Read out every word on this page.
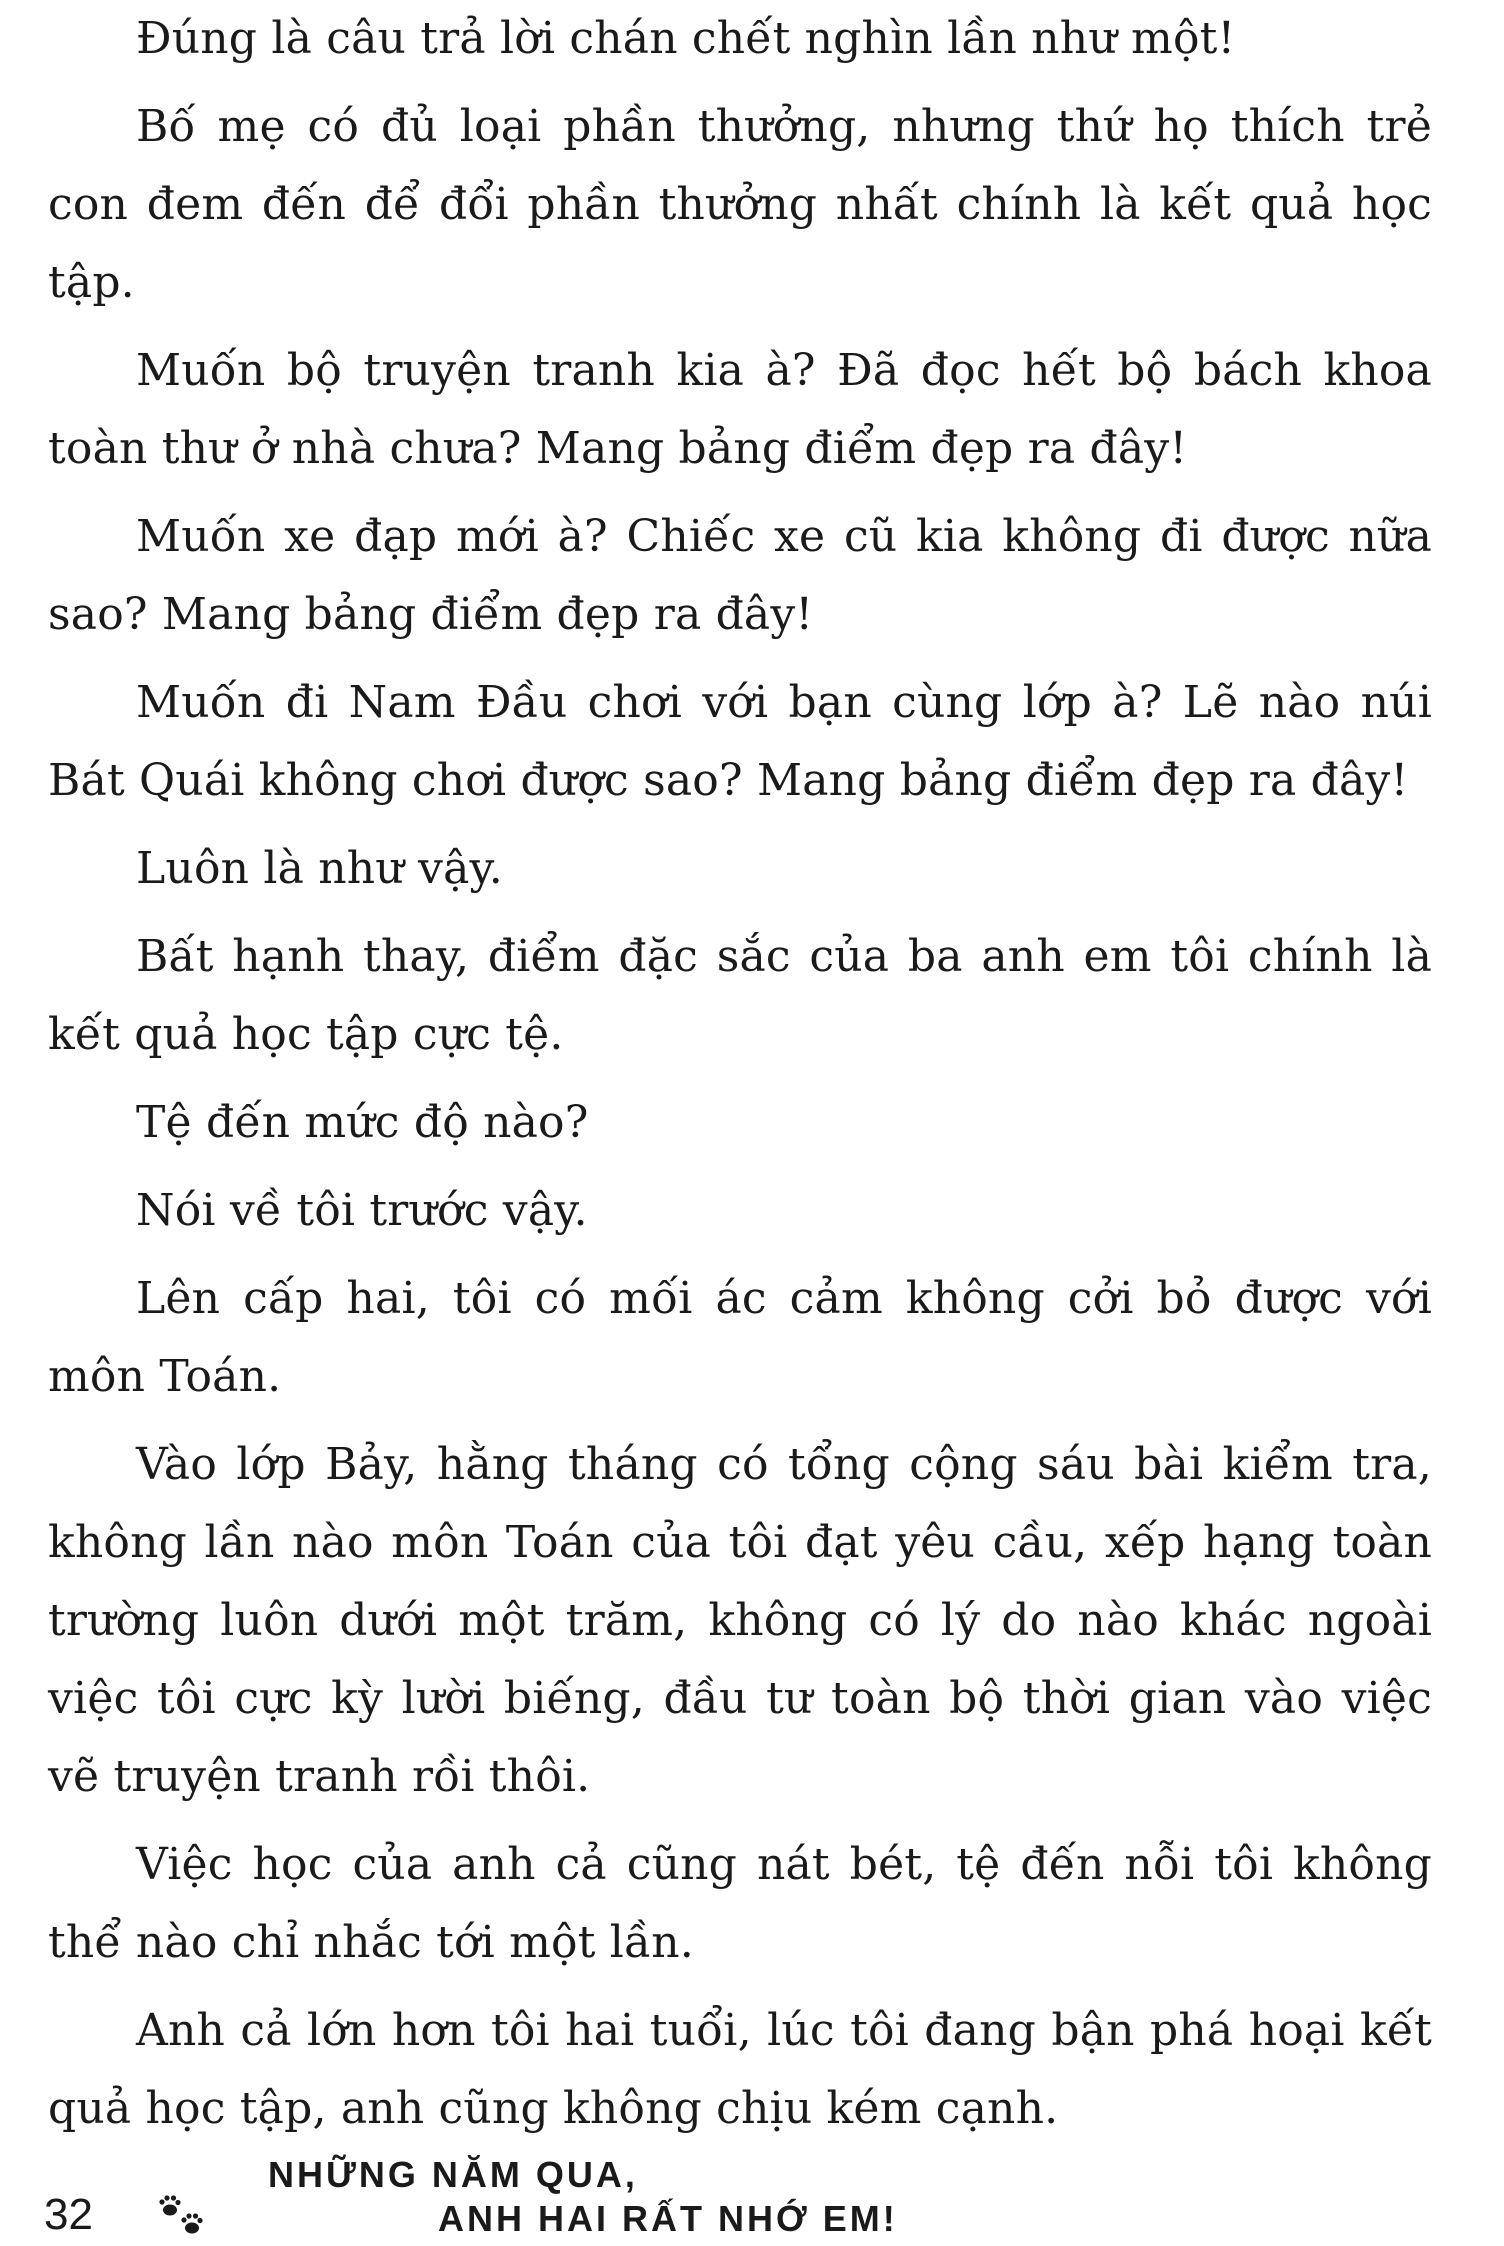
Đúng là câu trả lời chán chết nghìn lần như một!

Bố mẹ có đủ loại phần thưởng, nhưng thứ họ thích trẻ con đem đến để đổi phần thưởng nhất chính là kết quả học tập.

Muốn bộ truyện tranh kia à? Đã đọc hết bộ bách khoa toàn thư ở nhà chưa? Mang bảng điểm đẹp ra đây!

Muốn xe đạp mới à? Chiếc xe cũ kia không đi được nữa sao? Mang bảng điểm đẹp ra đây!

Muốn đi Nam Đầu chơi với bạn cùng lớp à? Lẽ nào núi Bát Quái không chơi được sao? Mang bảng điểm đẹp ra đây!

Luôn là như vậy.

Bất hạnh thay, điểm đặc sắc của ba anh em tôi chính là kết quả học tập cực tệ.

Tệ đến mức độ nào?

Nói về tôi trước vậy.

Lên cấp hai, tôi có mối ác cảm không cởi bỏ được với môn Toán.

Vào lớp Bảy, hằng tháng có tổng cộng sáu bài kiểm tra, không lần nào môn Toán của tôi đạt yêu cầu, xếp hạng toàn trường luôn dưới một trăm, không có lý do nào khác ngoài việc tôi cực kỳ lười biếng, đầu tư toàn bộ thời gian vào việc vẽ truyện tranh rồi thôi.

Việc học của anh cả cũng nát bét, tệ đến nỗi tôi không thể nào chỉ nhắc tới một lần.

Anh cả lớn hơn tôi hai tuổi, lúc tôi đang bận phá hoại kết quả học tập, anh cũng không chịu kém cạnh.

32
NHỮNG NĂM QUA,
ANH HAI RẤT NHỚ EM!
